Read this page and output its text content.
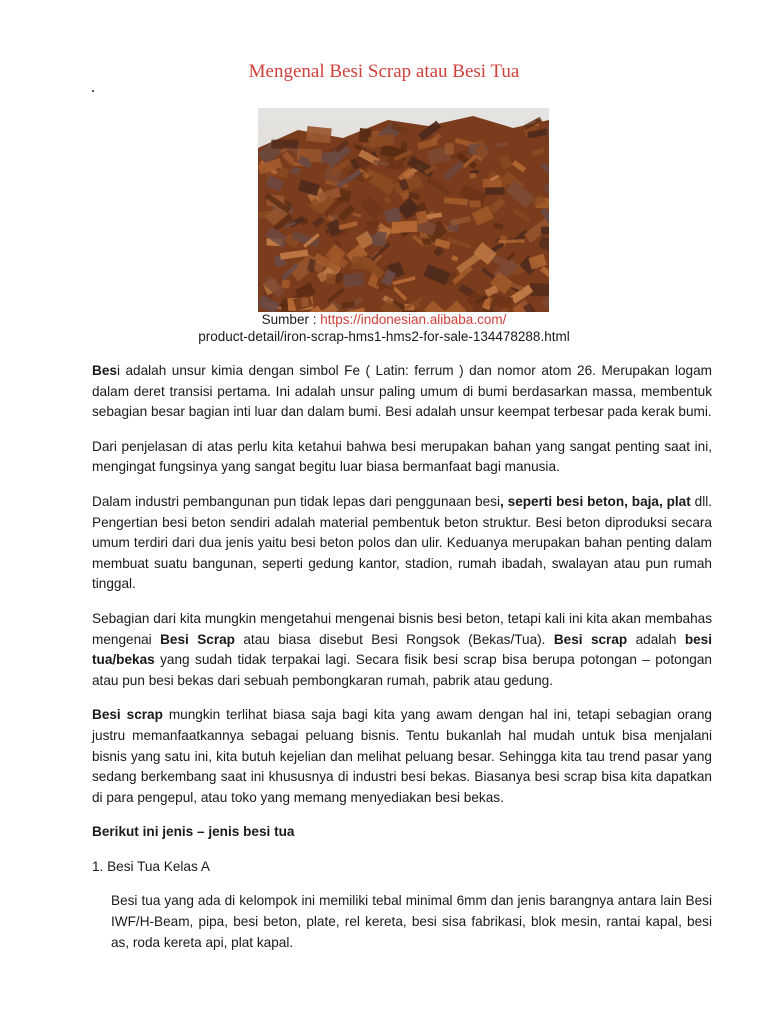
Mengenal Besi Scrap atau Besi Tua
Sumber : https://indonesian.alibaba.com/
product-detail/iron-scrap-hms1-hms2-for-sale-134478288.html

Besi adalah unsur kimia dengan simbol Fe ( Latin: ferrum ) dan nomor atom 26. Merupakan logam dalam deret transisi pertama. Ini adalah unsur paling umum di bumi berdasarkan massa, membentuk sebagian besar bagian inti luar dan dalam bumi. Besi adalah unsur keempat terbesar pada kerak bumi.

Dari penjelasan di atas perlu kita ketahui bahwa besi merupakan bahan yang sangat penting saat ini, mengingat fungsinya yang sangat begitu luar biasa bermanfaat bagi manusia.

Dalam industri pembangunan pun tidak lepas dari penggunaan besi, seperti besi beton, baja, plat dll. Pengertian besi beton sendiri adalah material pembentuk beton struktur. Besi beton diproduksi secara umum terdiri dari dua jenis yaitu besi beton polos dan ulir. Keduanya merupakan bahan penting dalam membuat suatu bangunan, seperti gedung kantor, stadion, rumah ibadah, swalayan atau pun rumah tinggal.

Sebagian dari kita mungkin mengetahui mengenai bisnis besi beton, tetapi kali ini kita akan membahas mengenai Besi Scrap atau biasa disebut Besi Rongsok (Bekas/Tua). Besi scrap adalah besi tua/bekas yang sudah tidak terpakai lagi. Secara fisik besi scrap bisa berupa potongan – potongan atau pun besi bekas dari sebuah pembongkaran rumah, pabrik atau gedung.

Besi scrap mungkin terlihat biasa saja bagi kita yang awam dengan hal ini, tetapi sebagian orang justru memanfaatkannya sebagai peluang bisnis. Tentu bukanlah hal mudah untuk bisa menjalani bisnis yang satu ini, kita butuh kejelian dan melihat peluang besar. Sehingga kita tau trend pasar yang sedang berkembang saat ini khususnya di industri besi bekas. Biasanya besi scrap bisa kita dapatkan di para pengepul, atau toko yang memang menyediakan besi bekas.

Berikut ini jenis – jenis besi tua
1. Besi Tua Kelas A

Besi tua yang ada di kelompok ini memiliki tebal minimal 6mm dan jenis barangnya antara lain Besi IWF/H-Beam, pipa, besi beton, plate, rel kereta, besi sisa fabrikasi, blok mesin, rantai kapal, besi as, roda kereta api, plat kapal.
